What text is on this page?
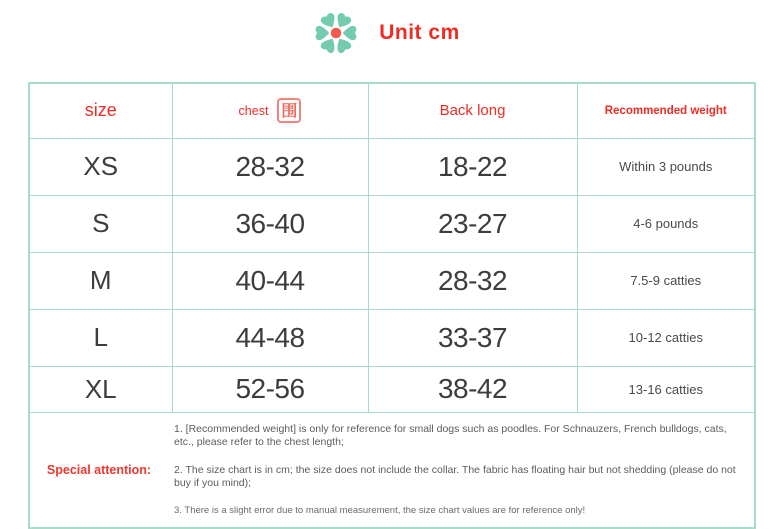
Unit cm
size	chest 围	Back long	Recommended weight
XS	28-32	18-22	Within 3 pounds
S	36-40	23-27	4-6 pounds
M	40-44	28-32	7.5-9 catties
L	44-48	33-37	10-12 catties
XL	52-56	38-42	13-16 catties

Special attention:

1. [Recommended weight] is only for reference for small dogs such as poodles. For Schnauzers, French bulldogs, cats, etc., please refer to the chest length;

2. The size chart is in cm; the size does not include the collar. The fabric has floating hair but not shedding (please do not buy if you mind);

3. There is a slight error due to manual measurement, the size chart values are for reference only!			
